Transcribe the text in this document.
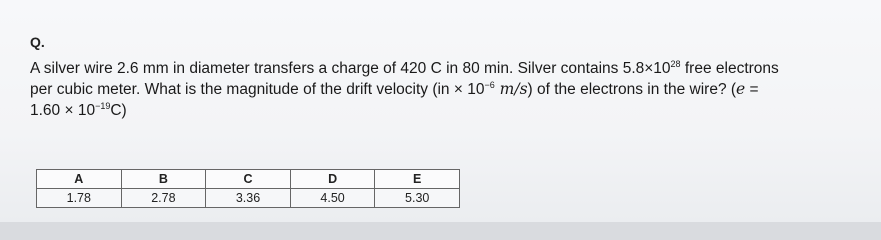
Q.
A silver wire 2.6 mm in diameter transfers a charge of 420 C in 80 min. Silver contains $5.8\times 10^{28}$ free electrons
per cubic meter. What is the magnitude of the drift velocity ($in \times 10^{-6}$ m/s) of the electrons in the wire? (e =
$1.60 \times 10^{-19}C$)
A	B	C	D	E
1.78	2.78	3.36	4.50	5.30
